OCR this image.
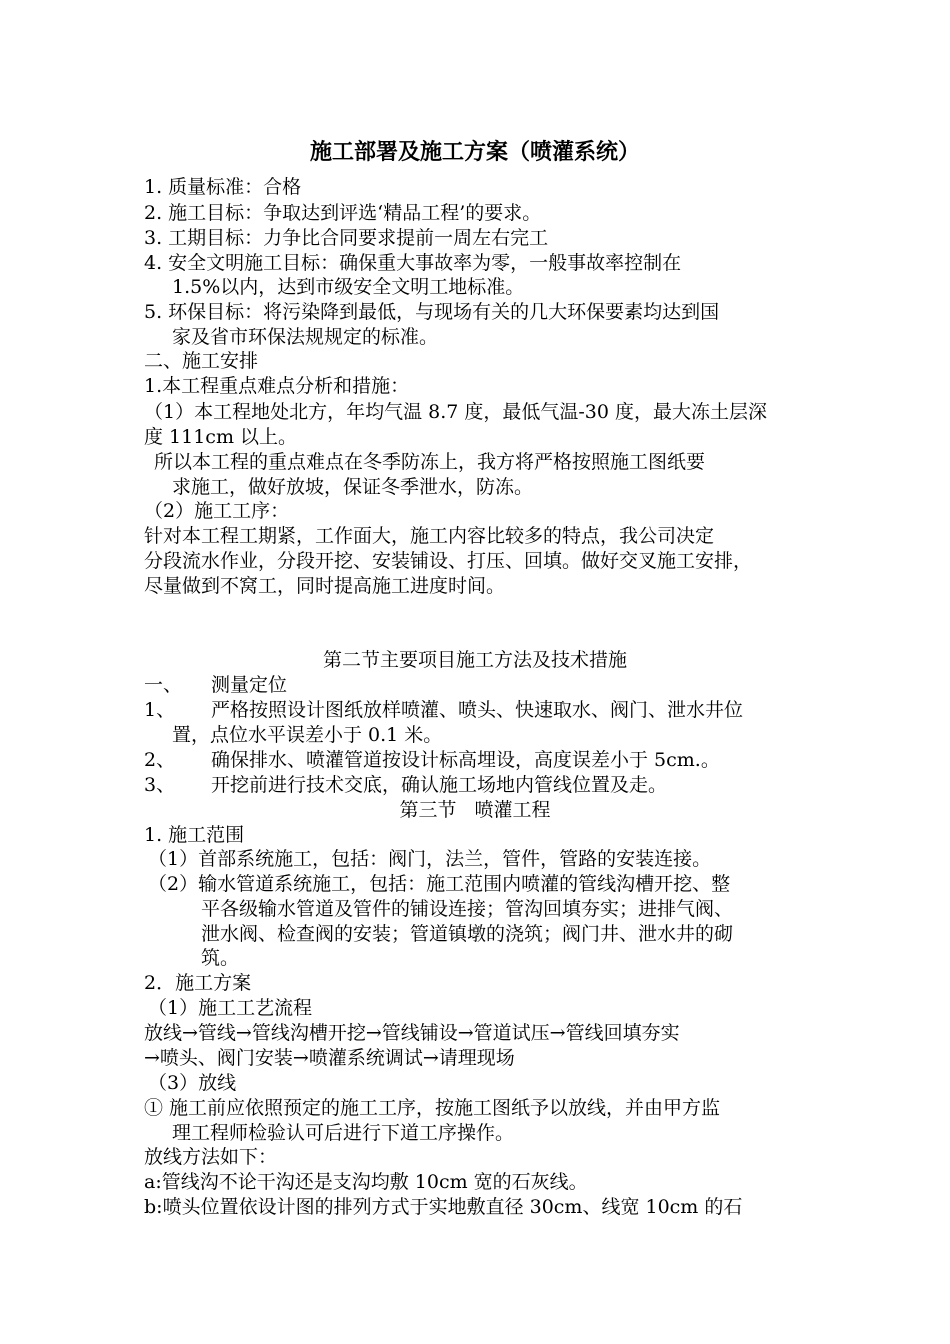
施工部署及施工方案（喷灌系统）
1. 质量标准：合格
2. 施工目标：争取达到评选‘精品工程’的要求。
3. 工期目标：力争比合同要求提前一周左右完工
4. 安全文明施工目标：确保重大事故率为零，一般事故率控制在
1.5%以内，达到市级安全文明工地标准。
5. 环保目标：将污染降到最低，与现场有关的几大环保要素均达到国
家及省市环保法规规定的标准。
二、施工安排
1.本工程重点难点分析和措施：
（1）本工程地处北方，年均气温 8.7 度，最低气温-30 度，最大冻土层深
度 111cm 以上。
所以本工程的重点难点在冬季防冻上，我方将严格按照施工图纸要
求施工，做好放坡，保证冬季泄水，防冻。
（2）施工工序：
针对本工程工期紧，工作面大，施工内容比较多的特点，我公司决定
分段流水作业，分段开挖、安装铺设、打压、回填。做好交叉施工安排，
尽量做到不窝工，同时提高施工进度时间。
第二节主要项目施工方法及技术措施
一、	测量定位
1、	严格按照设计图纸放样喷灌、喷头、快速取水、阀门、泄水井位
置，点位水平误差小于 0.1 米。
2、	确保排水、喷灌管道按设计标高埋设，高度误差小于 5cm.。
3、	开挖前进行技术交底，确认施工场地内管线位置及走。
第三节   喷灌工程
1. 施工范围
（1）首部系统施工，包括：阀门，法兰，管件，管路的安装连接。
（2）输水管道系统施工，包括：施工范围内喷灌的管线沟槽开挖、整
平各级输水管道及管件的铺设连接；管沟回填夯实；进排气阀、
泄水阀、检查阀的安装；管道镇墩的浇筑；阀门井、泄水井的砌
筑。
2．施工方案
（1）施工工艺流程
放线→管线→管线沟槽开挖→管线铺设→管道试压→管线回填夯实
→喷头、阀门安装→喷灌系统调试→请理现场
（3）放线
① 施工前应依照预定的施工工序，按施工图纸予以放线，并由甲方监
理工程师检验认可后进行下道工序操作。
放线方法如下：
a:管线沟不论干沟还是支沟均敷 10cm 宽的石灰线。
b:喷头位置依设计图的排列方式于实地敷直径 30cm、线宽 10cm 的石
